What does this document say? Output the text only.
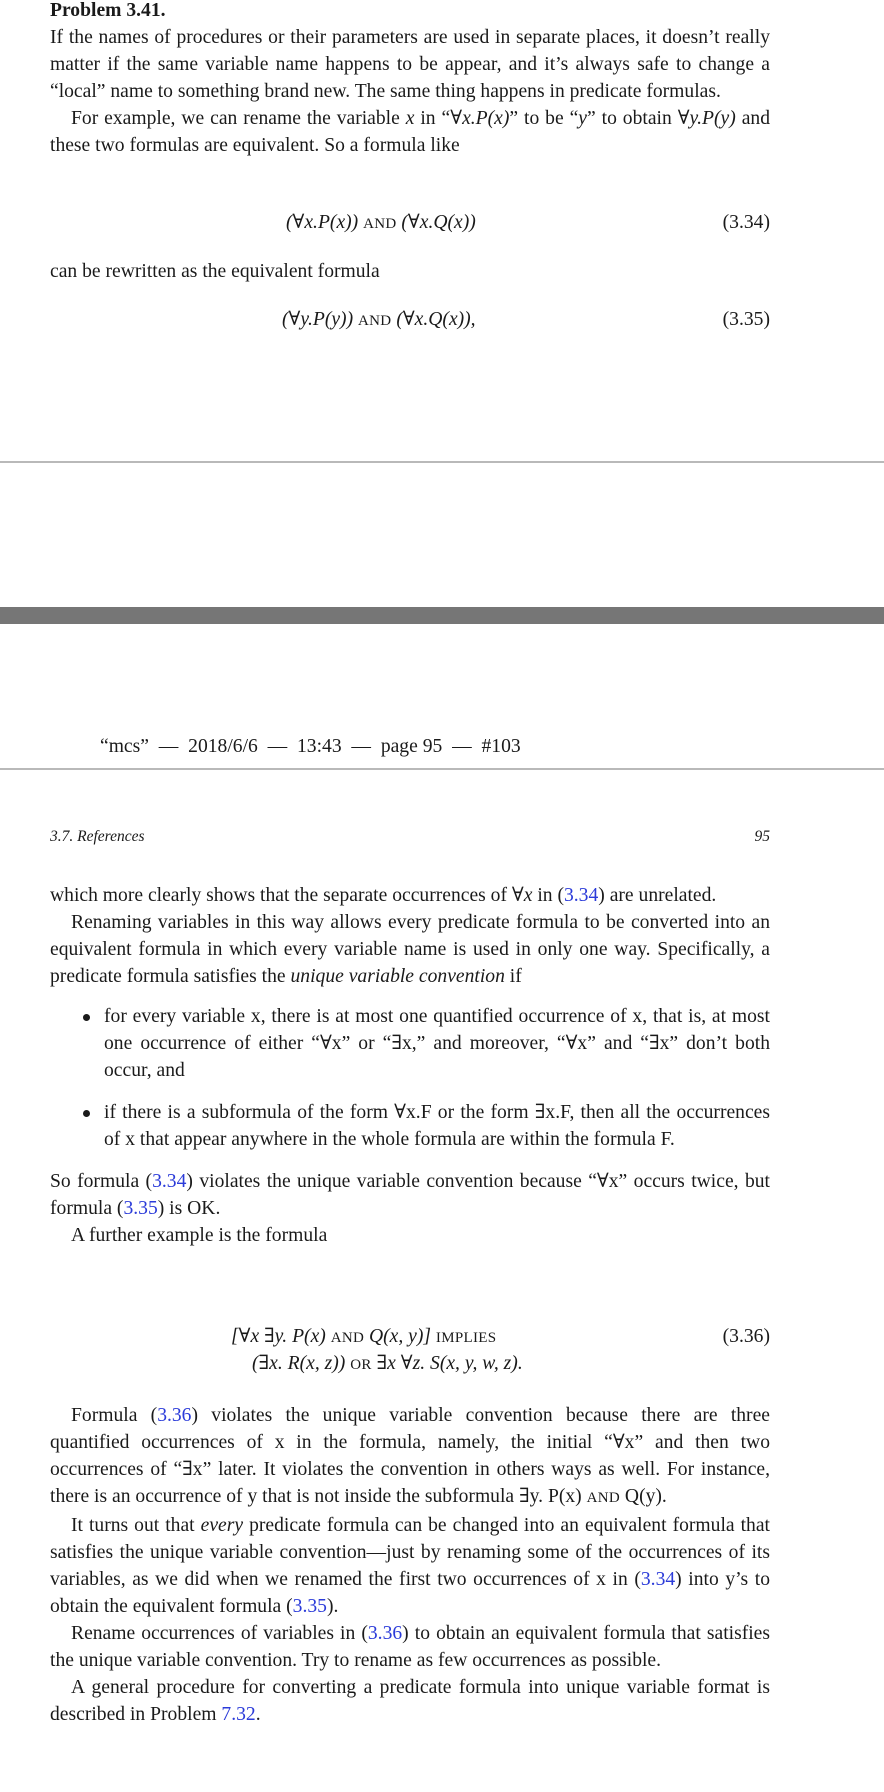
Problem 3.41.

If the names of procedures or their parameters are used in separate places, it doesn’t really matter if the same variable name happens to be appear, and it’s always safe to change a “local” name to something brand new. The same thing happens in predicate formulas.

For example, we can rename the variable x in “∀x.P(x)” to be “y” to obtain ∀y.P(y) and these two formulas are equivalent. So a formula like

(∀x.P(x)) AND (∀x.Q(x))	(3.34)

can be rewritten as the equivalent formula

(∀y.P(y)) AND (∀x.Q(x)),	(3.35)
“mcs”  —  2018/6/6  —  13:43  —  page 95  —  #103
3.7. References	95

which more clearly shows that the separate occurrences of ∀x in (3.34) are unrelated.

Renaming variables in this way allows every predicate formula to be converted into an equivalent formula in which every variable name is used in only one way. Specifically, a predicate formula satisfies the unique variable convention if

for every variable x, there is at most one quantified occurrence of x, that is, at most one occurrence of either “∀x” or “∃x,” and moreover, “∀x” and “∃x” don’t both occur, and
if there is a subformula of the form ∀x.F or the form ∃x.F, then all the occurrences of x that appear anywhere in the whole formula are within the formula F.

So formula (3.34) violates the unique variable convention because “∀x” occurs twice, but formula (3.35) is OK.

A further example is the formula

[∀x ∃y. P(x) AND Q(x, y)] IMPLIES
(∃x. R(x, z)) OR ∃x ∀z. S(x, y, w, z).
(3.36)

Formula (3.36) violates the unique variable convention because there are three quantified occurrences of x in the formula, namely, the initial “∀x” and then two occurrences of “∃x” later. It violates the convention in others ways as well. For instance, there is an occurrence of y that is not inside the subformula ∃y. P(x) AND Q(y).

It turns out that every predicate formula can be changed into an equivalent formula that satisfies the unique variable convention—just by renaming some of the occurrences of its variables, as we did when we renamed the first two occurrences of x in (3.34) into y’s to obtain the equivalent formula (3.35).

Rename occurrences of variables in (3.36) to obtain an equivalent formula that satisfies the unique variable convention. Try to rename as few occurrences as possible.

A general procedure for converting a predicate formula into unique variable format is described in Problem 7.32.
